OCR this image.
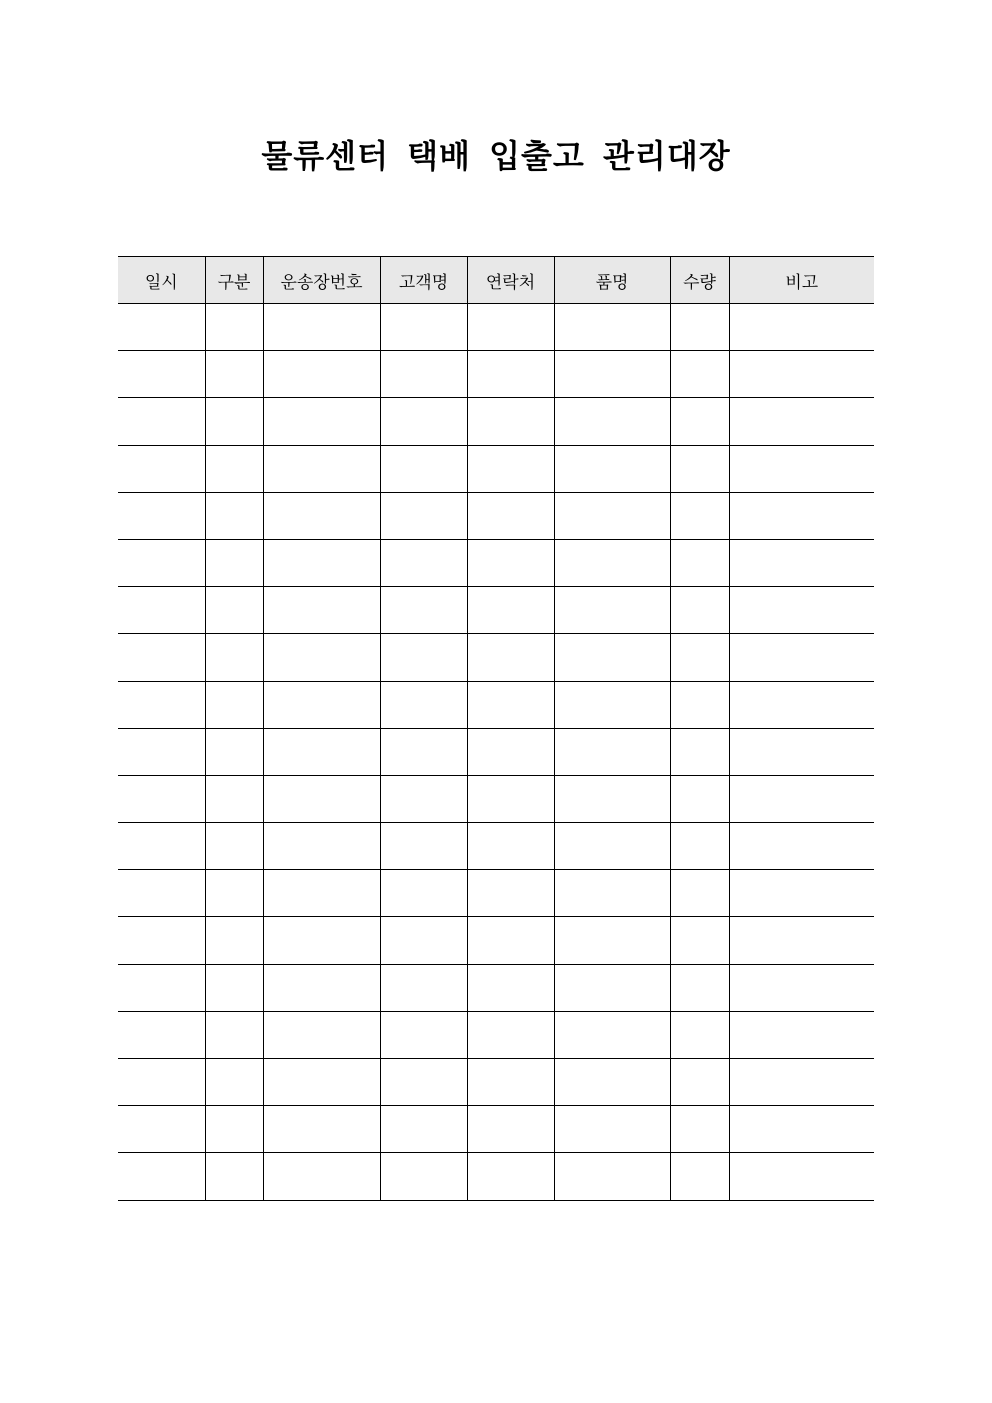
물류센터 택배 입출고 관리대장
일시	구분	운송장번호	고객명	연락처	품명	수량	비고
